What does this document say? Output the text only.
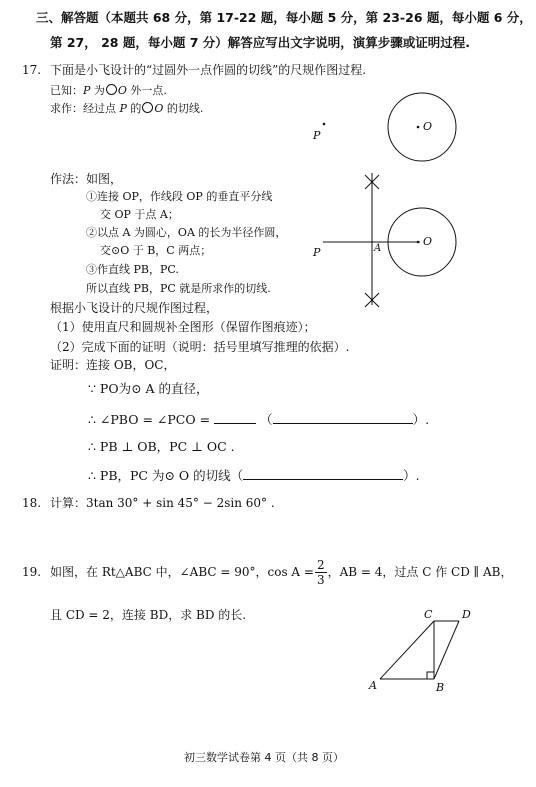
三、解答题（本题共 68 分，第 17-22 题，每小题 5 分，第 23-26 题，每小题 6 分，
第 27， 28 题，每小题 7 分）解答应写出文字说明，演算步骤或证明过程.
17. 下面是小飞设计的“过圆外一点作圆的切线”的尺规作图过程.
已知：P 为 O 外一点.
求作：经过点 P 的 O 的切线.
P
O
作法：如图，
①连接 OP，作线段 OP 的垂直平分线
交 OP 于点 A；
②以点 A 为圆心，OA 的长为半径作圆，
交⊙O 于 B，C 两点；
③作直线 PB，PC.
所以直线 PB，PC 就是所求作的切线.
P	A
O
根据小飞设计的尺规作图过程，
（1）使用直尺和圆规补全图形（保留作图痕迹）；
（2）完成下面的证明（说明：括号里填写推理的依据）.
证明：连接 OB，OC，
∵ PO为⊙ A 的直径，
∴ ∠PBO = ∠PCO =	（	）.
∴ PB ⊥ OB，PC ⊥ OC .
∴ PB，PC 为⊙ O 的切线（	）.
18. 计算：3tan 30° + sin 45° − 2sin 60° .
19. 如图，在 Rt△ABC 中，∠ABC = 90°，$\cos A = \frac{2}{3}$ ，AB = 4，过点 C 作 CD ∥ AB，
且 CD = 2，连接 BD，求 BD 的长.	C	D
A	B
初三数学试卷第 4 页（共 8 页）
